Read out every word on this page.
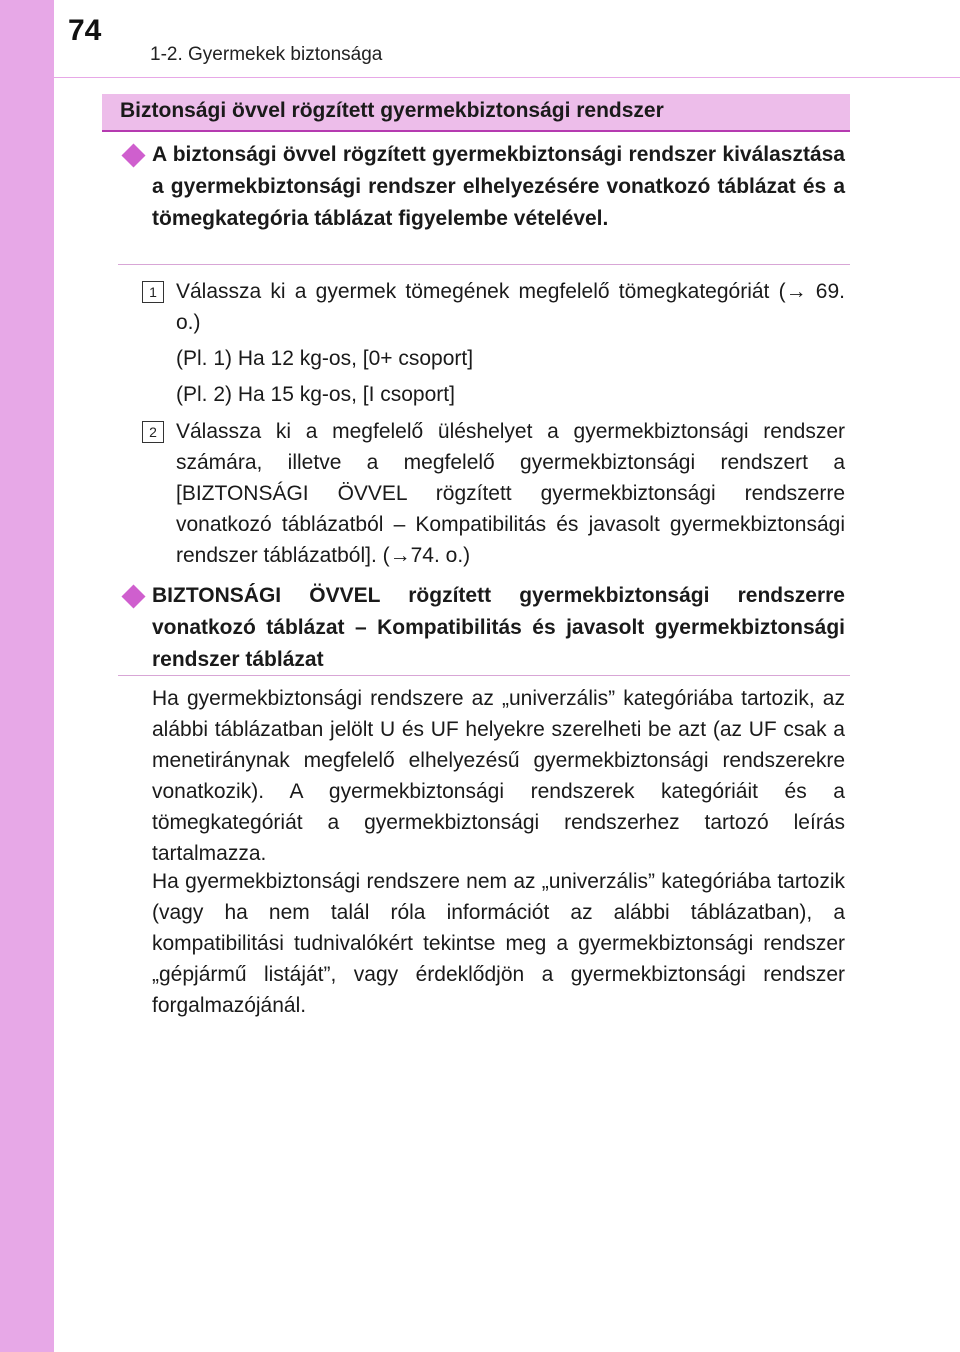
74
1-2. Gyermekek biztonsága
Biztonsági övvel rögzített gyermekbiztonsági rendszer
A biztonsági övvel rögzített gyermekbiztonsági rendszer kiválasztása a gyermekbiztonsági rendszer elhelyezésére vonatkozó táblázat és a tömegkategória táblázat figyelembe vételével.
1 Válassza ki a gyermek tömegének megfelelő tömegkategóriát (→ 69. o.)
(Pl. 1) Ha 12 kg-os, [0+ csoport]
(Pl. 2) Ha 15 kg-os, [I csoport]
2 Válassza ki a megfelelő üléshelyet a gyermekbiztonsági rendszer számára, illetve a megfelelő gyermekbiztonsági rendszert a [BIZTONSÁGI ÖVVEL rögzített gyermekbiztonsági rendszerre vonatkozó táblázatból – Kompatibilitás és javasolt gyermekbiztonsági rendszer táblázatból]. (→74. o.)
BIZTONSÁGI ÖVVEL rögzített gyermekbiztonsági rendszerre vonatkozó táblázat – Kompatibilitás és javasolt gyermekbiztonsági rendszer táblázat
Ha gyermekbiztonsági rendszere az „univerzális” kategóriába tartozik, az alábbi táblázatban jelölt U és UF helyekre szerelheti be azt (az UF csak a menetiránynak megfelelő elhelyezésű gyermekbiztonsági rendszerekre vonatkozik). A gyermekbiztonsági rendszerek kategóriáit és a tömegkategóriát a gyermekbiztonsági rendszerhez tartozó leírás tartalmazza.
Ha gyermekbiztonsági rendszere nem az „univerzális” kategóriába tartozik (vagy ha nem talál róla információt az alábbi táblázatban), a kompatibilitási tudnivalókért tekintse meg a gyermekbiztonsági rendszer „gépjármű listáját”, vagy érdeklődjön a gyermekbiztonsági rendszer forgalmazójánál.
